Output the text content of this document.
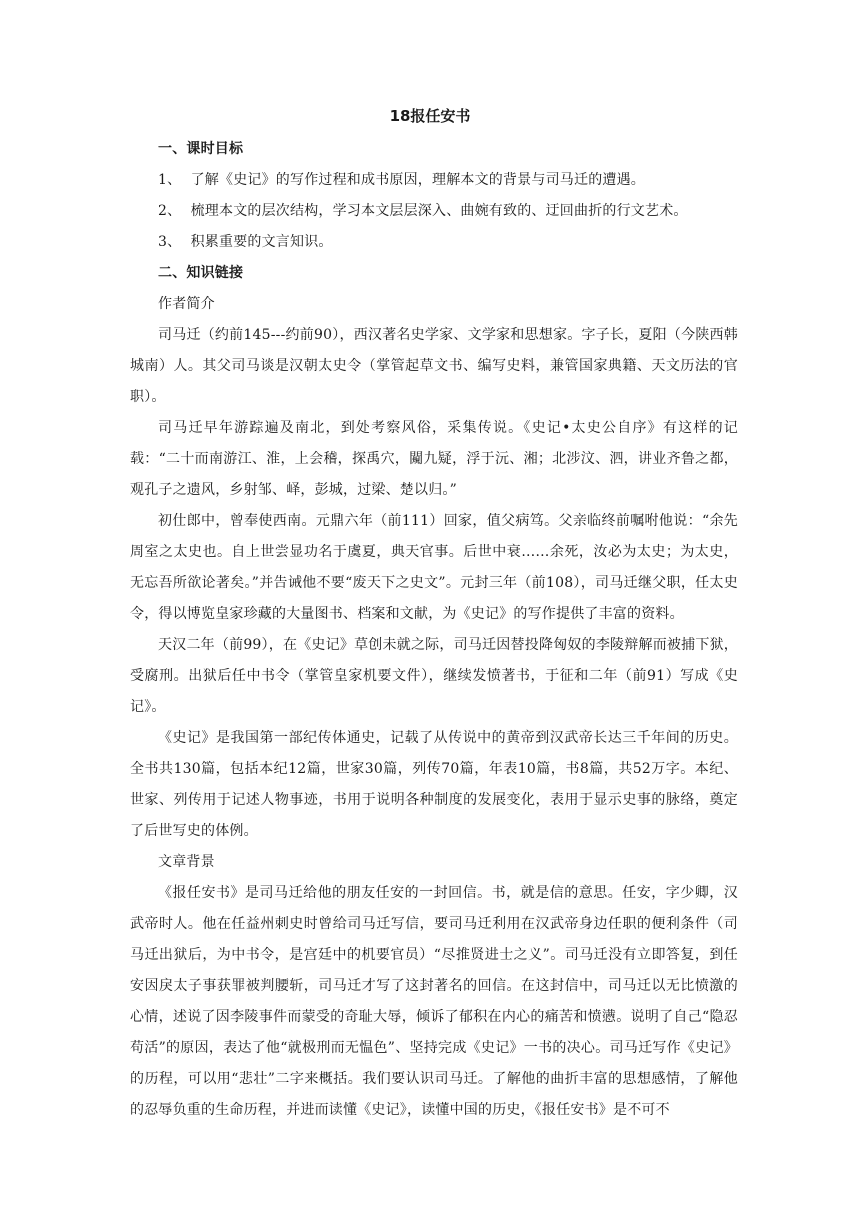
18报任安书

一、课时目标

1、  了解《史记》的写作过程和成书原因，理解本文的背景与司马迁的遭遇。

2、  梳理本文的层次结构，学习本文层层深入、曲婉有致的、迂回曲折的行文艺术。

3、  积累重要的文言知识。

二、知识链接

作者简介

司马迁（约前145---约前90），西汉著名史学家、文学家和思想家。字子长，夏阳（今陕西韩城南）人。其父司马谈是汉朝太史令（掌管起草文书、编写史料，兼管国家典籍、天文历法的官职）。

司马迁早年游踪遍及南北，到处考察风俗，采集传说。《史记•太史公自序》有这样的记载：“二十而南游江、淮，上会稽，探禹穴，闚九疑，浮于沅、湘；北涉汶、泗，讲业齐鲁之都，观孔子之遗风，乡射邹、峄，彭城，过梁、楚以归。”

初仕郎中，曾奉使西南。元鼎六年（前111）回家，值父病笃。父亲临终前嘱咐他说：“余先周室之太史也。自上世尝显功名于虞夏，典天官事。后世中衰……余死，汝必为太史；为太史，无忘吾所欲论著矣。”并告诫他不要“废天下之史文”。元封三年（前108），司马迁继父职，任太史令，得以博览皇家珍藏的大量图书、档案和文献，为《史记》的写作提供了丰富的资料。

天汉二年（前99），在《史记》草创未就之际，司马迁因替投降匈奴的李陵辩解而被捕下狱，受腐刑。出狱后任中书令（掌管皇家机要文件），继续发愤著书，于征和二年（前91）写成《史记》。

《史记》是我国第一部纪传体通史，记载了从传说中的黄帝到汉武帝长达三千年间的历史。全书共130篇，包括本纪12篇，世家30篇，列传70篇，年表10篇，书8篇，共52万字。本纪、世家、列传用于记述人物事迹，书用于说明各种制度的发展变化，表用于显示史事的脉络，奠定了后世写史的体例。

文章背景

《报任安书》是司马迁给他的朋友任安的一封回信。书，就是信的意思。任安，字少卿，汉武帝时人。他在任益州刺史时曾给司马迁写信，要司马迁利用在汉武帝身边任职的便利条件（司马迁出狱后，为中书令，是宫廷中的机要官员）“尽推贤进士之义”。司马迁没有立即答复，到任安因戾太子事获罪被判腰斩，司马迁才写了这封著名的回信。在这封信中，司马迁以无比愤激的心情，述说了因李陵事件而蒙受的奇耻大辱，倾诉了郁积在内心的痛苦和愤懑。说明了自己“隐忍苟活”的原因，表达了他“就极刑而无愠色”、坚持完成《史记》一书的决心。司马迁写作《史记》的历程，可以用“悲壮”二字来概括。我们要认识司马迁。了解他的曲折丰富的思想感情，了解他的忍辱负重的生命历程，并进而读懂《史记》，读懂中国的历史，《报任安书》是不可不
